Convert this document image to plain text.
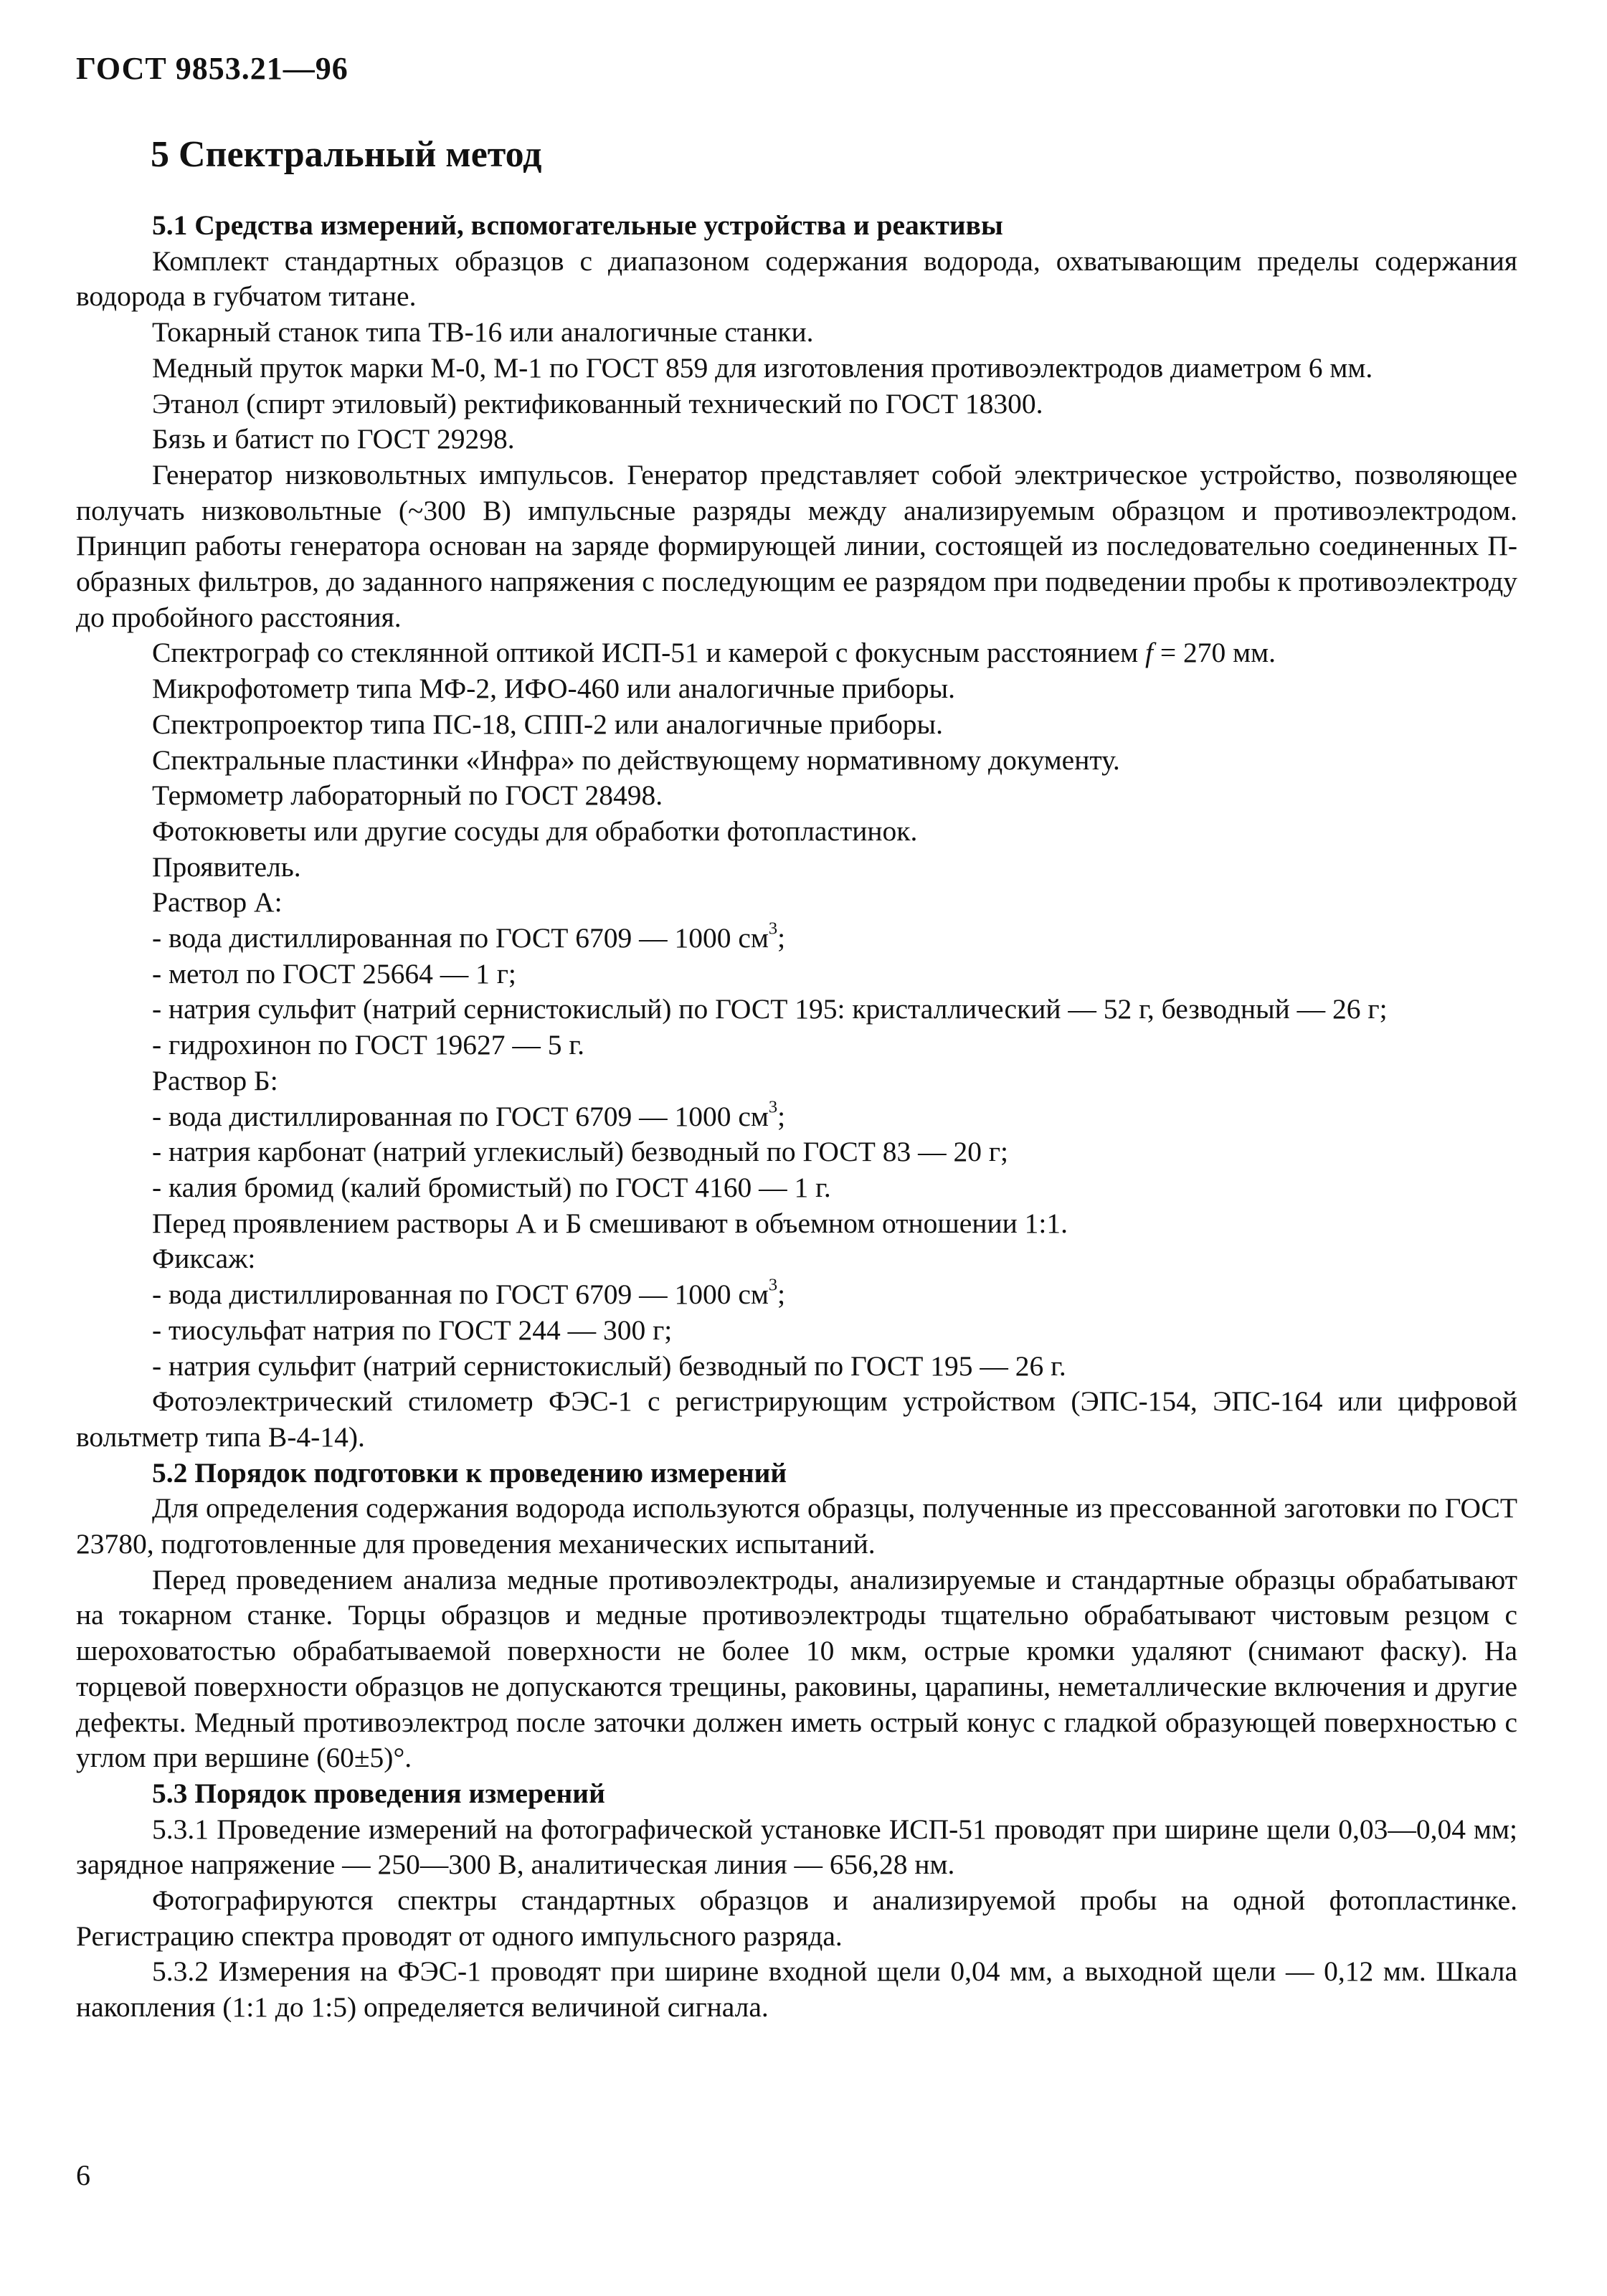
ГОСТ 9853.21—96
5 Спектральный метод

5.1 Средства измерений, вспомогательные устройства и реактивы

Комплект стандартных образцов с диапазоном содержания водорода, охватывающим пределы содержания водорода в губчатом титане.

Токарный станок типа ТВ-16 или аналогичные станки.

Медный пруток марки М-0, М-1 по ГОСТ 859 для изготовления противоэлектродов диаметром 6 мм.

Этанол (спирт этиловый) ректификованный технический по ГОСТ 18300.

Бязь и батист по ГОСТ 29298.

Генератор низковольтных импульсов. Генератор представляет собой электрическое устройство, позволяющее получать низковольтные (~300 В) импульсные разряды между анализируемым образцом и противоэлектродом. Принцип работы генератора основан на заряде формирующей линии, состоящей из последовательно соединенных П-образных фильтров, до заданного напряжения с последующим ее разрядом при подведении пробы к противоэлектроду до пробойного расстояния.

Спектрограф со стеклянной оптикой ИСП-51 и камерой с фокусным расстоянием f = 270 мм.

Микрофотометр типа МФ-2, ИФО-460 или аналогичные приборы.

Спектропроектор типа ПС-18, СПП-2 или аналогичные приборы.

Спектральные пластинки «Инфра» по действующему нормативному документу.

Термометр лабораторный по ГОСТ 28498.

Фотокюветы или другие сосуды для обработки фотопластинок.

Проявитель.

Раствор А:

- вода дистиллированная по ГОСТ 6709 — 1000 $см^3$;

- метол по ГОСТ 25664 — 1 г;

- натрия сульфит (натрий сернистокислый) по ГОСТ 195: кристаллический — 52 г, безводный — 26 г;

- гидрохинон по ГОСТ 19627 — 5 г.

Раствор Б:

- вода дистиллированная по ГОСТ 6709 — 1000 $см^3$;

- натрия карбонат (натрий углекислый) безводный по ГОСТ 83 — 20 г;

- калия бромид (калий бромистый) по ГОСТ 4160 — 1 г.

Перед проявлением растворы А и Б смешивают в объемном отношении 1:1.

Фиксаж:

- вода дистиллированная по ГОСТ 6709 — 1000 $см^3$;

- тиосульфат натрия по ГОСТ 244 — 300 г;

- натрия сульфит (натрий сернистокислый) безводный по ГОСТ 195 — 26 г.

Фотоэлектрический стилометр ФЭС-1 с регистрирующим устройством (ЭПС-154, ЭПС-164 или цифровой вольтметр типа В-4-14).

5.2 Порядок подготовки к проведению измерений

Для определения содержания водорода используются образцы, полученные из прессованной заготовки по ГОСТ 23780, подготовленные для проведения механических испытаний.

Перед проведением анализа медные противоэлектроды, анализируемые и стандартные образцы обрабатывают на токарном станке. Торцы образцов и медные противоэлектроды тщательно обрабатывают чистовым резцом с шероховатостью обрабатываемой поверхности не более 10 мкм, острые кромки удаляют (снимают фаску). На торцевой поверхности образцов не допускаются трещины, раковины, царапины, неметаллические включения и другие дефекты. Медный противоэлектрод после заточки должен иметь острый конус с гладкой образующей поверхностью с углом при вершине (60±5)°.

5.3 Порядок проведения измерений

5.3.1 Проведение измерений на фотографической установке ИСП-51 проводят при ширине щели 0,03—0,04 мм; зарядное напряжение — 250—300 В, аналитическая линия — 656,28 нм.

Фотографируются спектры стандартных образцов и анализируемой пробы на одной фотопластинке. Регистрацию спектра проводят от одного импульсного разряда.

5.3.2 Измерения на ФЭС-1 проводят при ширине входной щели 0,04 мм, а выходной щели — 0,12 мм. Шкала накопления (1:1 до 1:5) определяется величиной сигнала.

6
